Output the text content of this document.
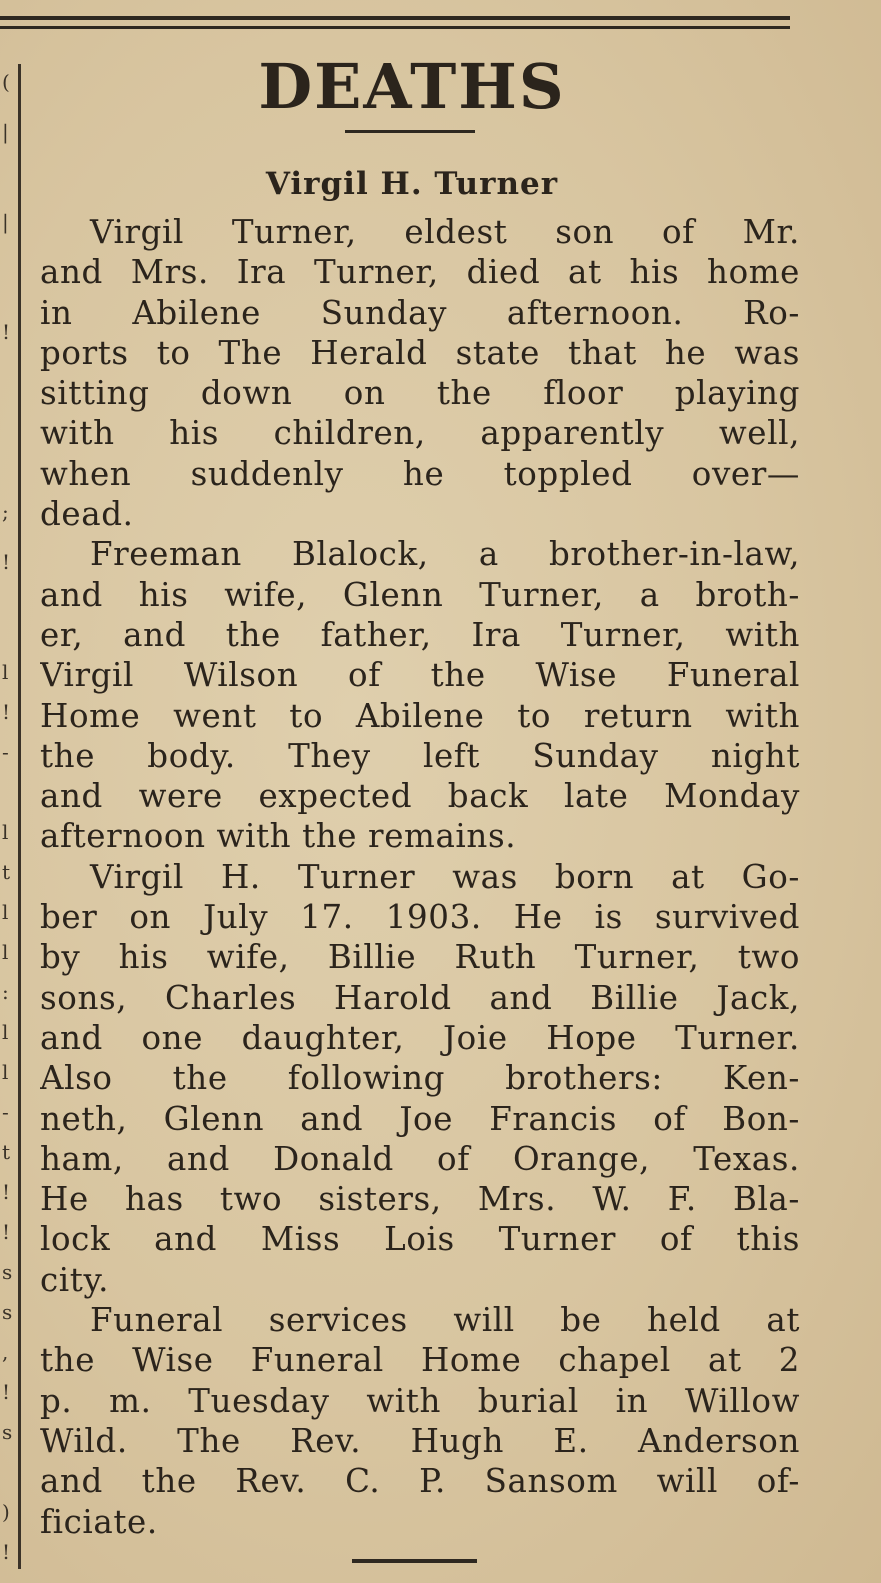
(
|
|
!
;
!
l
!
-
l
t
l
l
:
l
l
-
t
!
!
s
s
,
!
s
)
!
DEATHS
Virgil H. Turner
Virgil Turner, eldest son of Mr.
and Mrs. Ira Turner, died at his home
in Abilene Sunday afternoon. Ro-
ports to The Herald state that he was
sitting down on the floor playing
with his children, apparently well,
when suddenly he toppled over—
dead.
Freeman Blalock, a brother-in-law,
and his wife, Glenn Turner, a broth-
er, and the father, Ira Turner, with
Virgil Wilson of the Wise Funeral
Home went to Abilene to return with
the body. They left Sunday night
and were expected back late Monday
afternoon with the remains.
Virgil H. Turner was born at Go-
ber on July 17. 1903. He is survived
by his wife, Billie Ruth Turner, two
sons, Charles Harold and Billie Jack,
and one daughter, Joie Hope Turner.
Also the following brothers: Ken-
neth, Glenn and Joe Francis of Bon-
ham, and Donald of Orange, Texas.
He has two sisters, Mrs. W. F. Bla-
lock and Miss Lois Turner of this
city.
Funeral services will be held at
the Wise Funeral Home chapel at 2
p. m. Tuesday with burial in Willow
Wild. The Rev. Hugh E. Anderson
and the Rev. C. P. Sansom will of-
ficiate.
